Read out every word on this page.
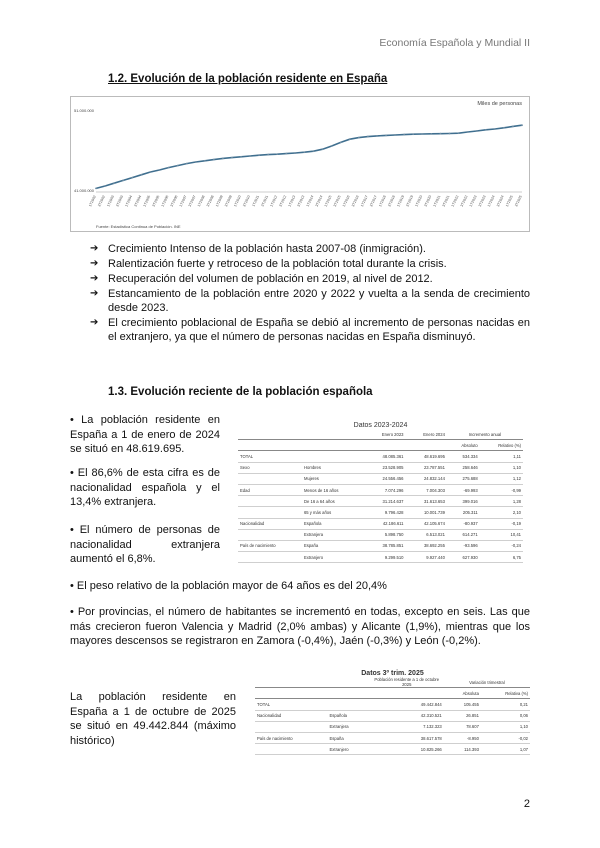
Economía Española y Mundial II
1.2. Evolución de la población residente en España
51.000.000
41.000.000
Miles de personas
1T2002 3T2002 1T2003 3T2003 1T2004 3T2004 1T2005 3T2005 1T2006 3T2006 1T2007 3T2007 1T2008 3T2008 1T2009 3T2009 1T2010 3T2010 1T2011 3T2011 1T2012 3T2012 1T2013 3T2013 1T2014 3T2014 1T2015 3T2015 1T2016 3T2016 1T2017 3T2017 1T2018 3T2018 1T2019 3T2019 1T2020 3T2020 1T2021 3T2021 1T2022 3T2022 1T2023 3T2023 1T2024 3T2024 1T2025 3T2025
Fuente: Estadística Continua de Población. INE
➔ Crecimiento Intenso de la población hasta 2007-08 (inmigración).
➔ Ralentización fuerte y retroceso de la población total durante la crisis.
➔ Recuperación del volumen de población en 2019, al nivel de 2012.
➔ Estancamiento de la población entre 2020 y 2022 y vuelta a la senda de crecimiento desde 2023.
➔ El crecimiento poblacional de España se debió al incremento de personas nacidas en el extranjero, ya que el número de personas nacidas en España disminuyó.
1.3. Evolución reciente de la población española
• La población residente en España a 1 de enero de 2024 se situó en 48.619.695.
• El 86,6% de esta cifra es de nacionalidad española y el 13,4% extranjera.
• El número de personas de nacionalidad extranjera aumentó el 6,8%.
Datos 2023-2024
		Enero 2023	Enero 2024	Incremento anual	
				Absoluto	Relativo (%)
TOTAL		48.085.361	48.619.695	534.334	1,11
Sexo	Hombres	23.528.905	23.787.551	258.646	1,10
	Mujeres	24.556.456	24.832.144	275.688	1,12
Edad	Menos de 16 años	7.074.296	7.004.303	-69.993	-0,99
	De 16 a 64 años	31.214.637	31.613.653	399.016	1,28
	65 y más años	9.796.428	10.001.739	205.311	2,10
Nacionalidad	Española	42.186.611	42.105.674	-80.937	-0,19
	Extranjera	5.898.750	6.513.021	614.271	10,41
País de nacimiento	España	38.785.851	38.692.255	-93.596	-0,24
	Extranjero	9.299.510	9.927.440	627.930	6,75
• El peso relativo de la población mayor de 64 años es del 20,4%
• Por provincias, el número de habitantes se incrementó en todas, excepto en seis. Las que más crecieron fueron Valencia y Madrid (2,0% ambas) y Alicante (1,9%), mientras que los mayores descensos se registraron en Zamora (-0,4%), Jaén (-0,3%) y León (-0,2%).
La población residente en España a 1 de octubre de 2025 se situó en 49.442.844 (máximo histórico)
Datos 3º trim. 2025
		Población residente a 1 de octubre 2025	Variación trimestral	
			Absoluta	Relativa (%)
TOTAL		49.442.844	105.455	0,21
Nacionalidad	Española	42.310.521	26.851	0,06
	Extranjera	7.132.323	78.607	1,10
País de nacimiento	España	38.617.578	-8.950	-0,02
	Extranjero	10.825.266	114.393	1,07
2
